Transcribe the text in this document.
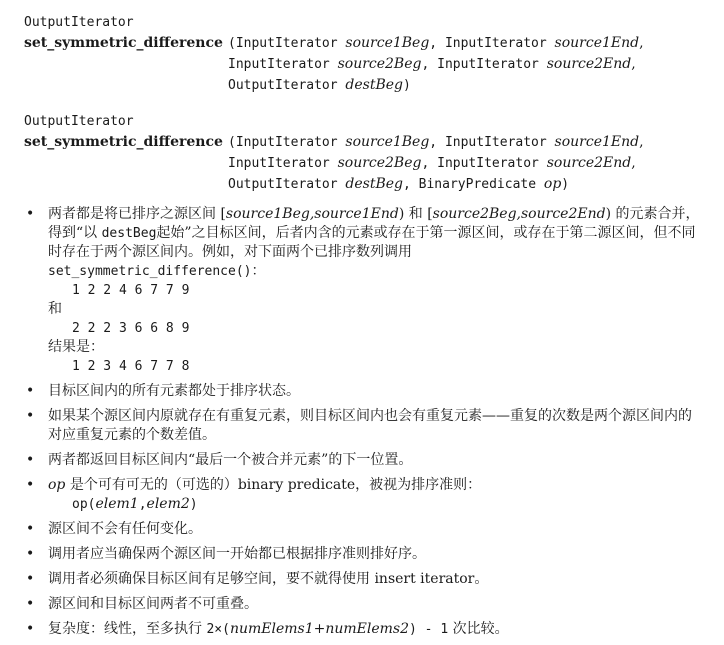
OutputIterator
set_symmetric_difference (InputIterator source1Beg, InputIterator source1End,
InputIterator source2Beg, InputIterator source2End,
OutputIterator destBeg)
OutputIterator
set_symmetric_difference (InputIterator source1Beg, InputIterator source1End,
InputIterator source2Beg, InputIterator source2End,
OutputIterator destBeg, BinaryPredicate op)
• 两者都是将已排序之源区间 [source1Beg,source1End) 和 [source2Beg,source2End) 的元素合并，得到“以 destBeg起始”之目标区间，后者内含的元素或存在于第一源区间，或存在于第二源区间，但不同时存在于两个源区间内。例如，对下面两个已排序数列调用
set_symmetric_difference()：
1 2 2 4 6 7 7 9
和
2 2 2 3 6 6 8 9
结果是：
1 2 3 4 6 7 7 8
• 目标区间内的所有元素都处于排序状态。
• 如果某个源区间内原就存在有重复元素，则目标区间内也会有重复元素——重复的次数是两个源区间内的对应重复元素的个数差值。
• 两者都返回目标区间内“最后一个被合并元素”的下一位置。
• op 是个可有可无的（可选的）binary predicate，被视为排序准则：
op(elem1,elem2)
• 源区间不会有任何变化。
• 调用者应当确保两个源区间一开始都已根据排序准则排好序。
• 调用者必须确保目标区间有足够空间，要不就得使用 insert iterator。
• 源区间和目标区间两者不可重叠。
• 复杂度：线性，至多执行 2×(numElems1+numElems2) - 1 次比较。
